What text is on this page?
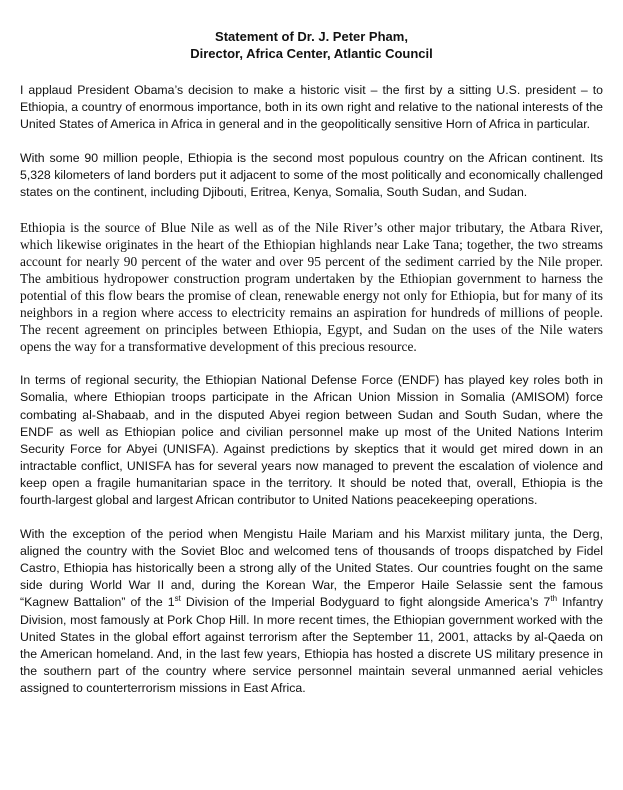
Statement of Dr. J. Peter Pham,
Director, Africa Center, Atlantic Council

I applaud President Obama’s decision to make a historic visit – the first by a sitting U.S. president – to Ethiopia, a country of enormous importance, both in its own right and relative to the national interests of the United States of America in Africa in general and in the geopolitically sensitive Horn of Africa in particular.

With some 90 million people, Ethiopia is the second most populous country on the African continent. Its 5,328 kilometers of land borders put it adjacent to some of the most politically and economically challenged states on the continent, including Djibouti, Eritrea, Kenya, Somalia, South Sudan, and Sudan.

Ethiopia is the source of Blue Nile as well as of the Nile River’s other major tributary, the Atbara River, which likewise originates in the heart of the Ethiopian highlands near Lake Tana; together, the two streams account for nearly 90 percent of the water and over 95 percent of the sediment carried by the Nile proper. The ambitious hydropower construction program undertaken by the Ethiopian government to harness the potential of this flow bears the promise of clean, renewable energy not only for Ethiopia, but for many of its neighbors in a region where access to electricity remains an aspiration for hundreds of millions of people. The recent agreement on principles between Ethiopia, Egypt, and Sudan on the uses of the Nile waters opens the way for a transformative development of this precious resource.

In terms of regional security, the Ethiopian National Defense Force (ENDF) has played key roles both in Somalia, where Ethiopian troops participate in the African Union Mission in Somalia (AMISOM) force combating al-Shabaab, and in the disputed Abyei region between Sudan and South Sudan, where the ENDF as well as Ethiopian police and civilian personnel make up most of the United Nations Interim Security Force for Abyei (UNISFA). Against predictions by skeptics that it would get mired down in an intractable conflict, UNISFA has for several years now managed to prevent the escalation of violence and keep open a fragile humanitarian space in the territory. It should be noted that, overall, Ethiopia is the fourth-largest global and largest African contributor to United Nations peacekeeping operations.

With the exception of the period when Mengistu Haile Mariam and his Marxist military junta, the Derg, aligned the country with the Soviet Bloc and welcomed tens of thousands of troops dispatched by Fidel Castro, Ethiopia has historically been a strong ally of the United States. Our countries fought on the same side during World War II and, during the Korean War, the Emperor Haile Selassie sent the famous “Kagnew Battalion” of the 1st Division of the Imperial Bodyguard to fight alongside America’s 7th Infantry Division, most famously at Pork Chop Hill. In more recent times, the Ethiopian government worked with the United States in the global effort against terrorism after the September 11, 2001, attacks by al-Qaeda on the American homeland. And, in the last few years, Ethiopia has hosted a discrete US military presence in the southern part of the country where service personnel maintain several unmanned aerial vehicles assigned to counterterrorism missions in East Africa.
